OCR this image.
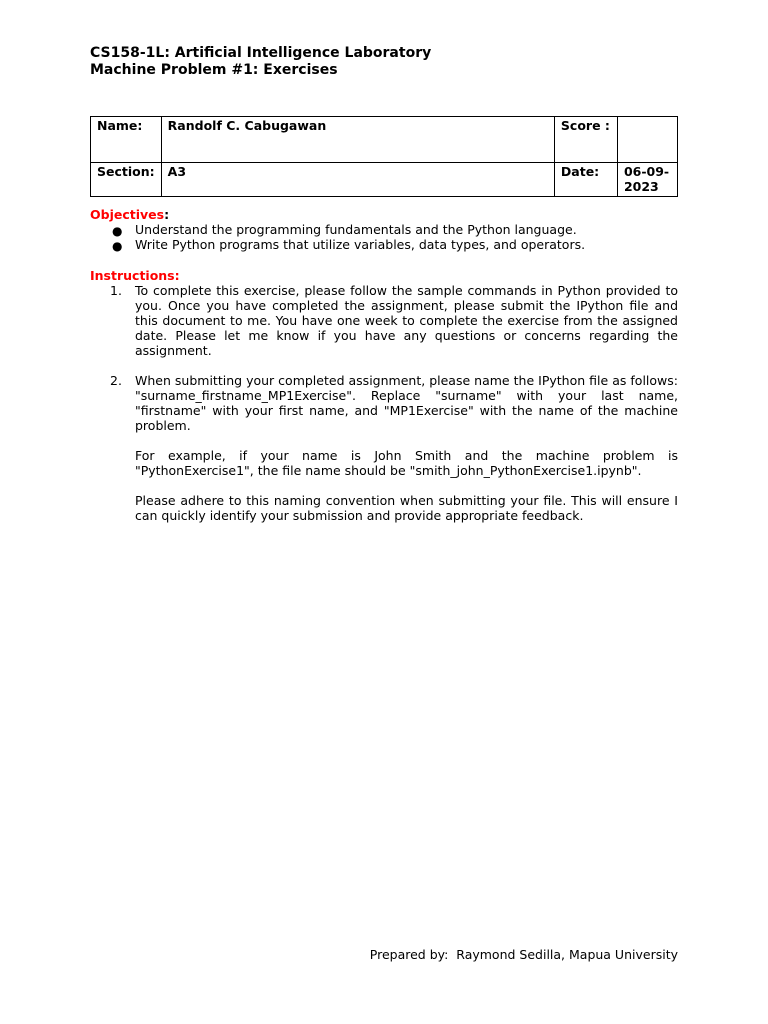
CS158-1L: Artificial Intelligence Laboratory
Machine Problem #1: Exercises
Name:	Randolf C. Cabugawan	Score :	
Section:	A3	Date:	06-09-2023
Objectives:
● Understand the programming fundamentals and the Python language.
● Write Python programs that utilize variables, data types, and operators.
Instructions:
1. To complete this exercise, please follow the sample commands in Python provided to you. Once you have completed the assignment, please submit the IPython file and this document to me. You have one week to complete the exercise from the assigned date. Please let me know if you have any questions or concerns regarding the assignment.

2. When submitting your completed assignment, please name the IPython file as follows: "surname_firstname_MP1Exercise". Replace "surname" with your last name, "firstname" with your first name, and "MP1Exercise" with the name of the machine problem.

For example, if your name is John Smith and the machine problem is "PythonExercise1", the file name should be "smith_john_PythonExercise1.ipynb".

Please adhere to this naming convention when submitting your file. This will ensure I can quickly identify your submission and provide appropriate feedback.

Prepared by:  Raymond Sedilla, Mapua University
